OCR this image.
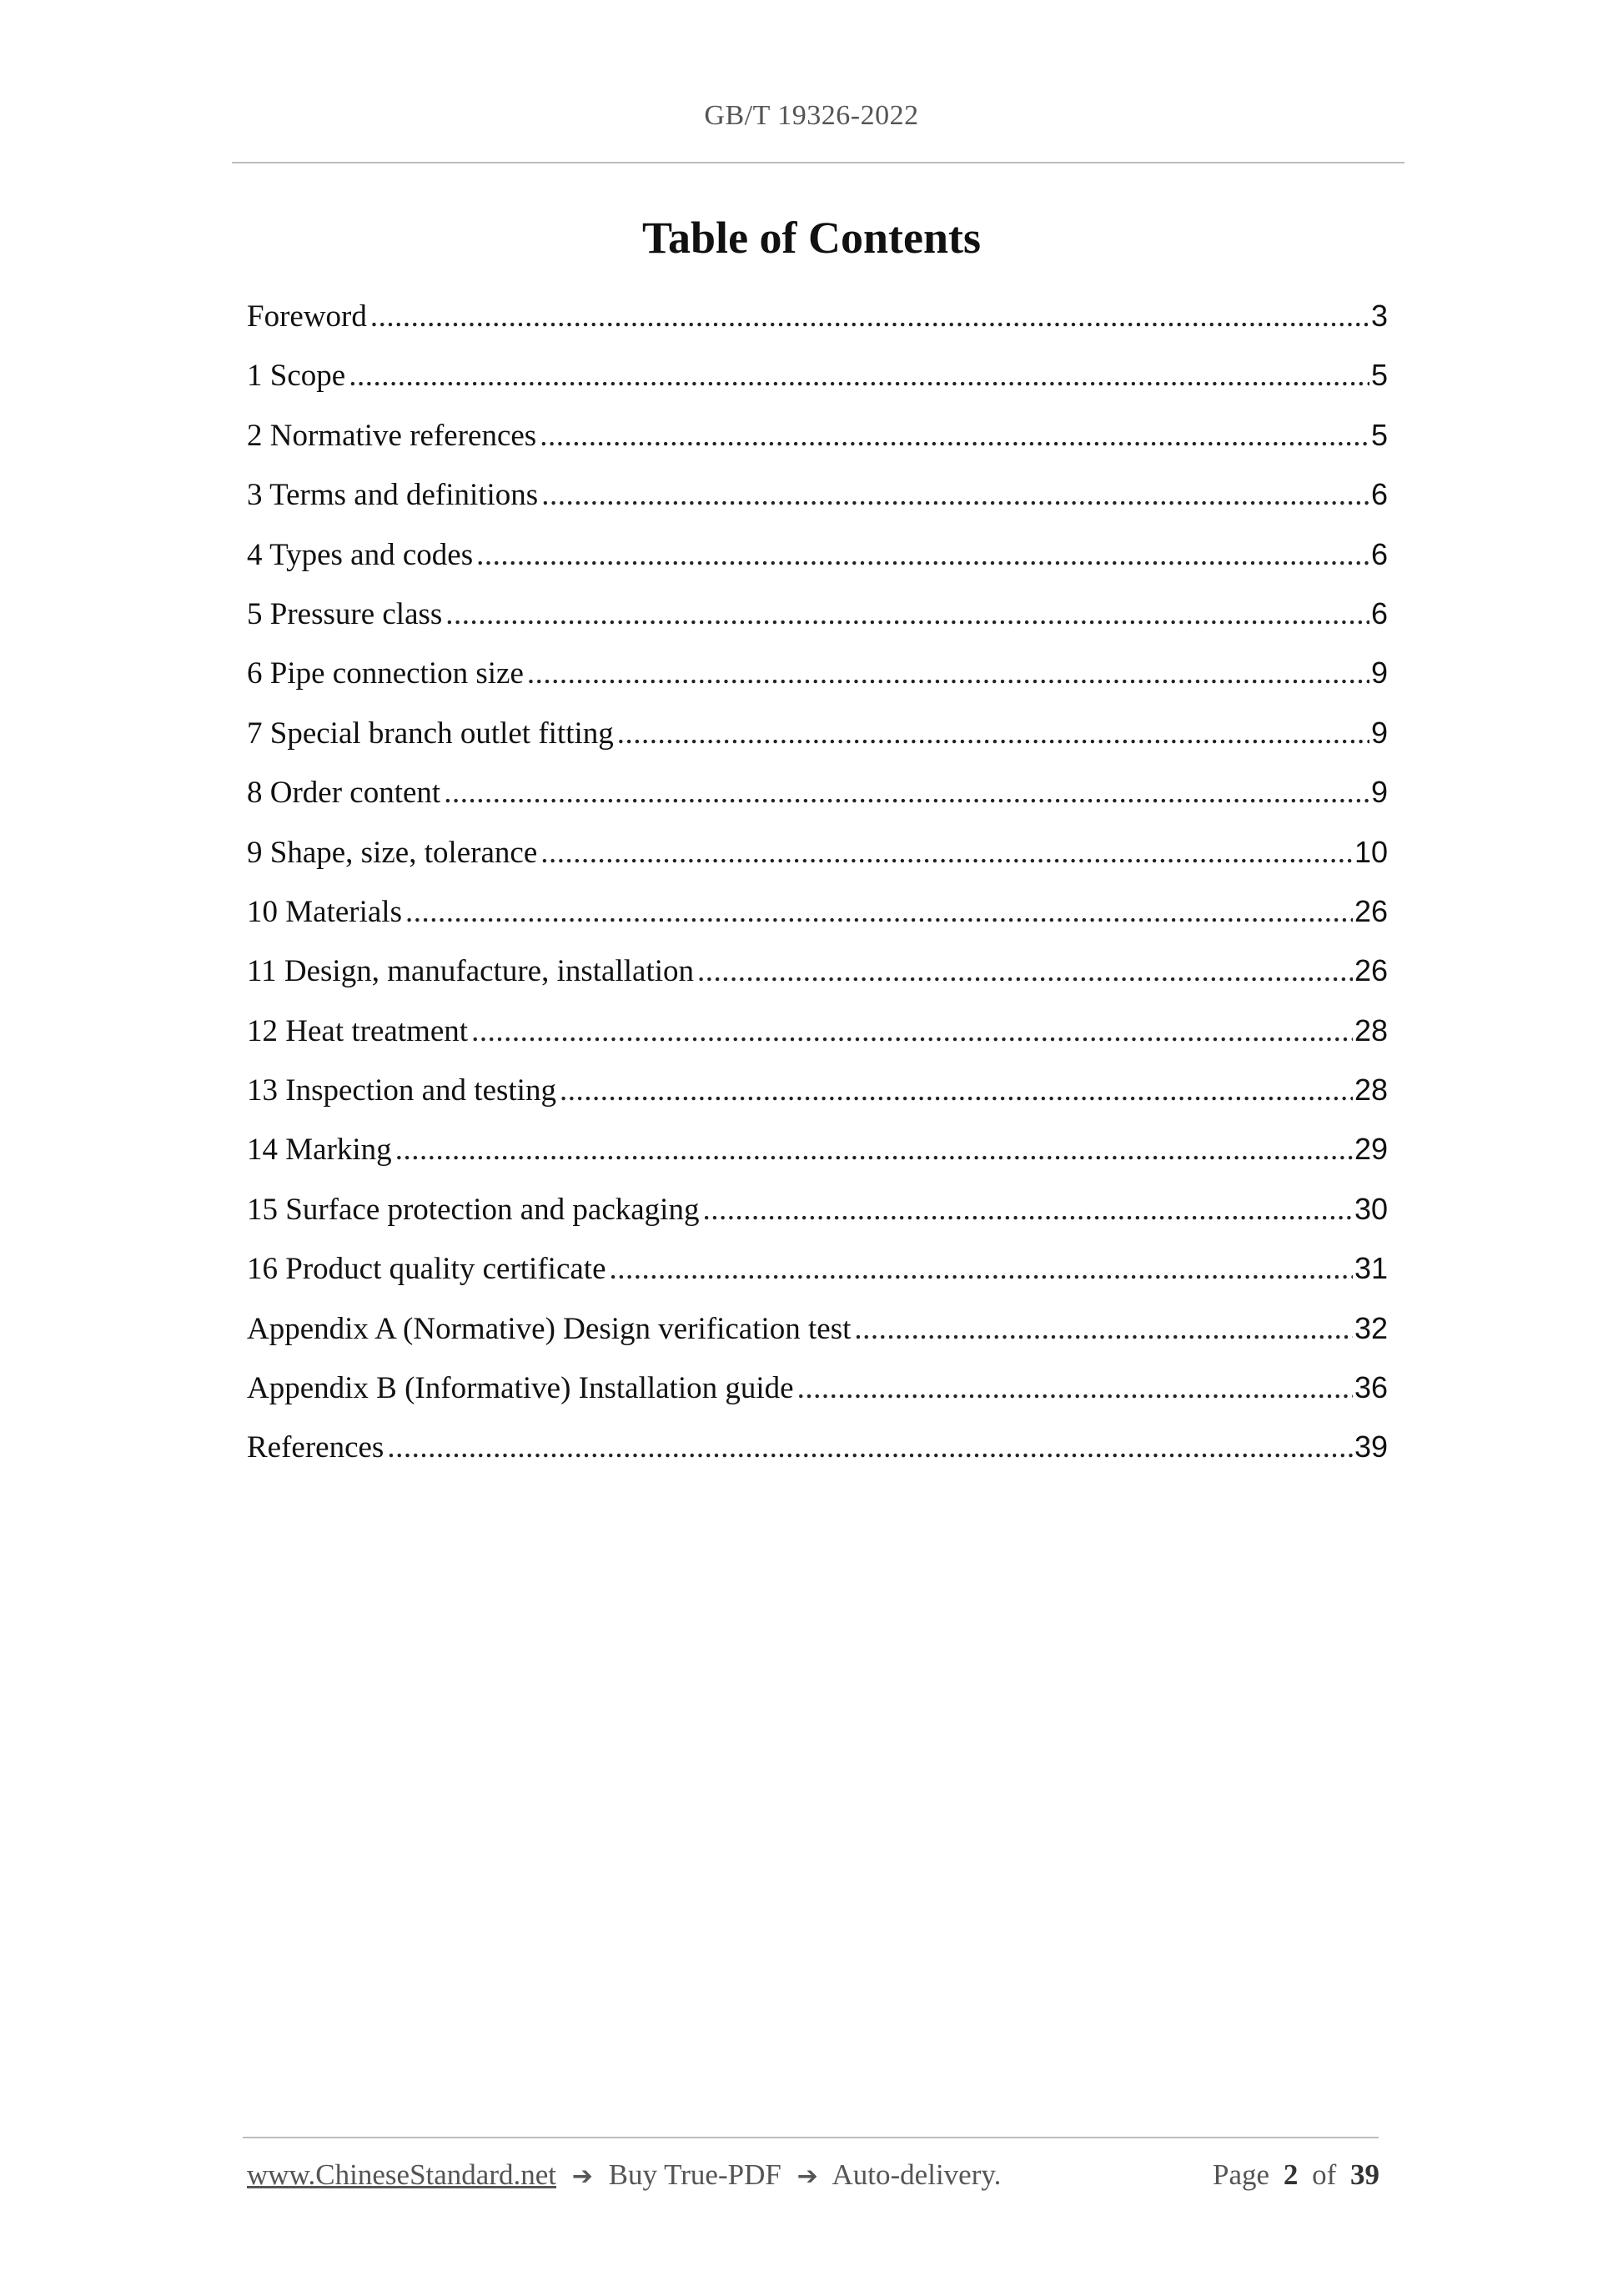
GB/T 19326-2022
Table of Contents
Foreword .....	3
1 Scope .....	5
2 Normative references .....	5
3 Terms and definitions .....	6
4 Types and codes .....	6
5 Pressure class .....	6
6 Pipe connection size .....	9
7 Special branch outlet fitting .....	9
8 Order content .....	9
9 Shape, size, tolerance .....	10
10 Materials .....	26
11 Design, manufacture, installation .....	26
12 Heat treatment .....	28
13 Inspection and testing .....	28
14 Marking .....	29
15 Surface protection and packaging .....	30
16 Product quality certificate .....	31
Appendix A (Normative) Design verification test .....	32
Appendix B (Informative) Installation guide .....	36
References .....	39
www.ChineseStandard.net ➔ Buy True-PDF ➔ Auto-delivery.	Page 2 of 39
